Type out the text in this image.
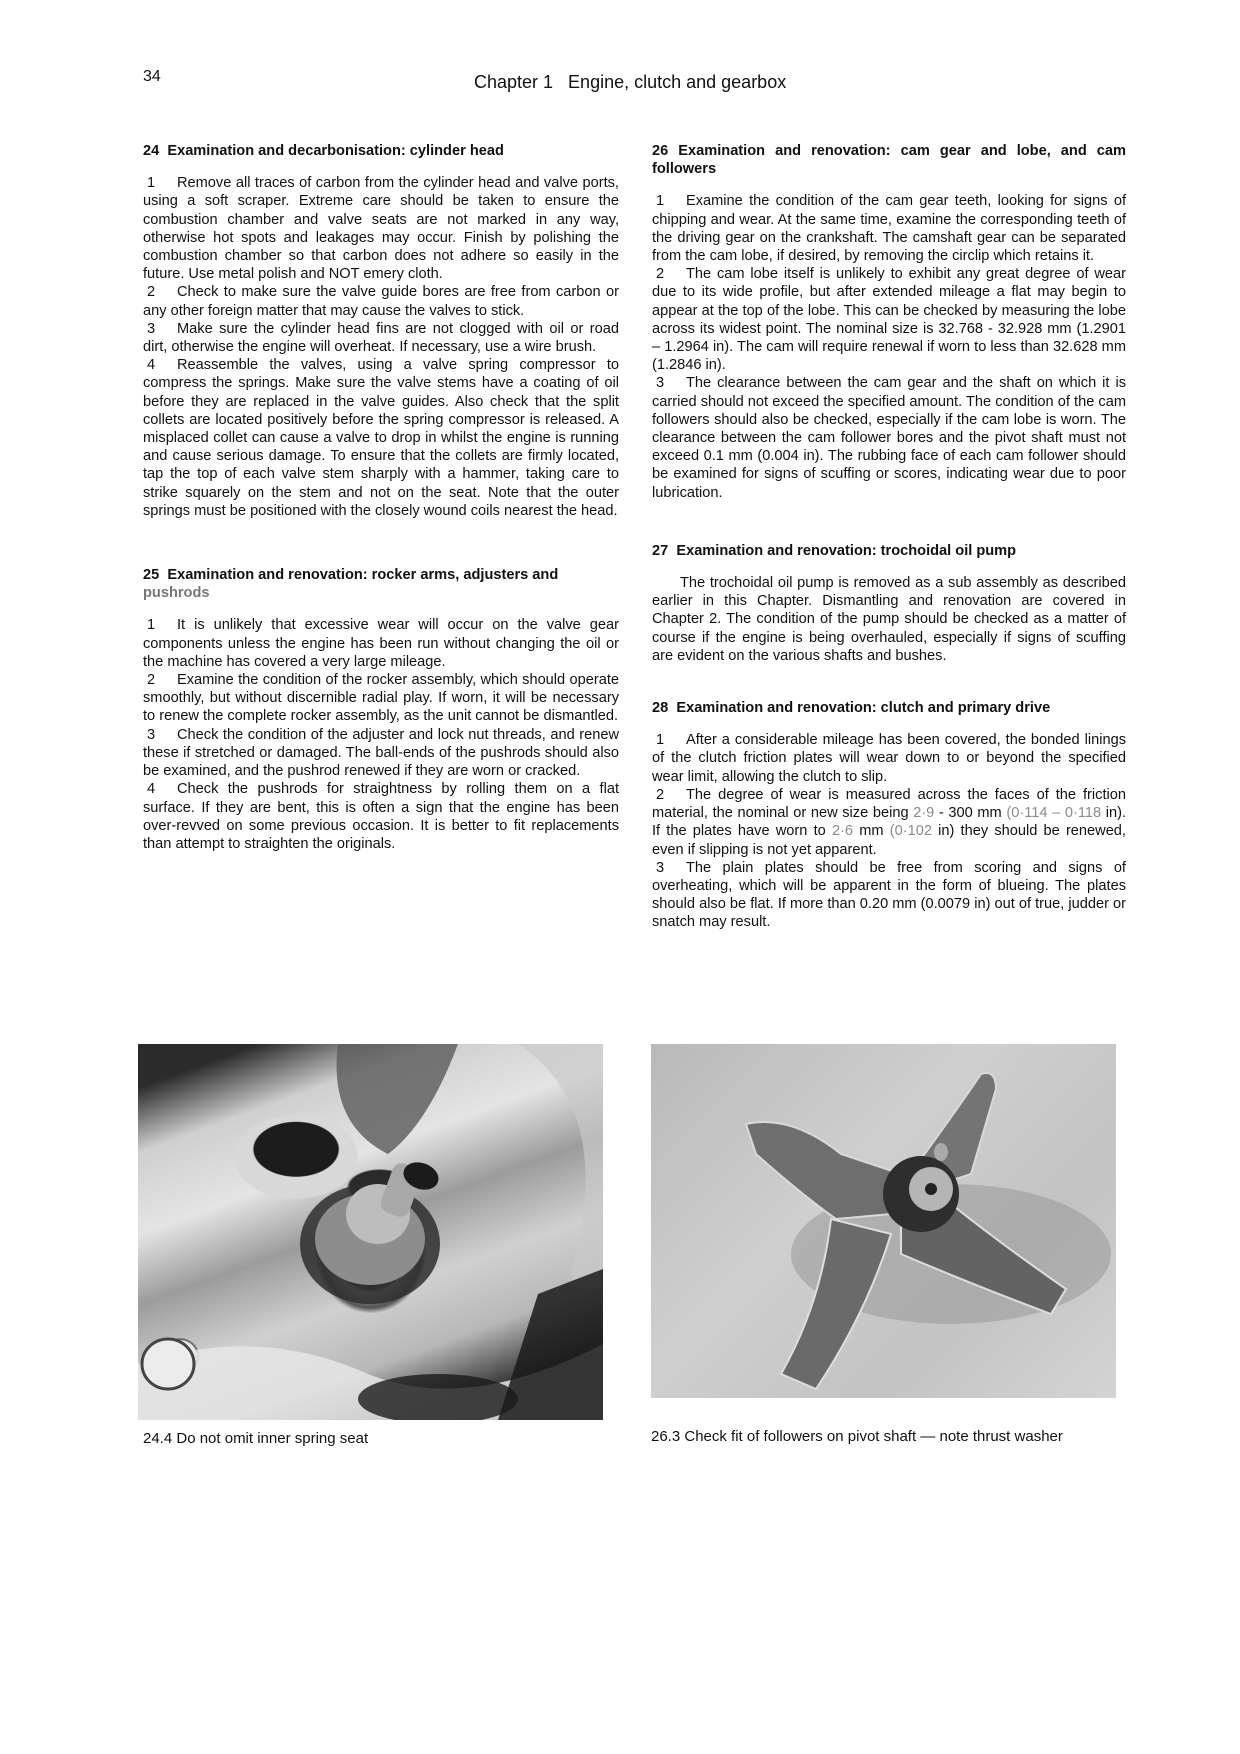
34	Chapter 1   Engine, clutch and gearbox
24  Examination and decarbonisation: cylinder head

1 Remove all traces of carbon from the cylinder head and valve ports, using a soft scraper. Extreme care should be taken to ensure the combustion chamber and valve seats are not marked in any way, otherwise hot spots and leakages may occur. Finish by polishing the combustion chamber so that carbon does not adhere so easily in the future. Use metal polish and NOT emery cloth.

2 Check to make sure the valve guide bores are free from carbon or any other foreign matter that may cause the valves to stick.

3 Make sure the cylinder head fins are not clogged with oil or road dirt, otherwise the engine will overheat. If necessary, use a wire brush.

4 Reassemble the valves, using a valve spring compressor to compress the springs. Make sure the valve stems have a coating of oil before they are replaced in the valve guides. Also check that the split collets are located positively before the spring compressor is released. A misplaced collet can cause a valve to drop in whilst the engine is running and cause serious damage. To ensure that the collets are firmly located, tap the top of each valve stem sharply with a hammer, taking care to strike squarely on the stem and not on the seat. Note that the outer springs must be positioned with the closely wound coils nearest the head.

25  Examination and renovation: rocker arms, adjusters and
pushrods

1 It is unlikely that excessive wear will occur on the valve gear components unless the engine has been run without changing the oil or the machine has covered a very large mileage.

2 Examine the condition of the rocker assembly, which should operate smoothly, but without discernible radial play. If worn, it will be necessary to renew the complete rocker assembly, as the unit cannot be dismantled.

3 Check the condition of the adjuster and lock nut threads, and renew these if stretched or damaged. The ball-ends of the pushrods should also be examined, and the pushrod renewed if they are worn or cracked.

4 Check the pushrods for straightness by rolling them on a flat surface. If they are bent, this is often a sign that the engine has been over-revved on some previous occasion. It is better to fit replacements than attempt to straighten the originals.

26 Examination and renovation: cam gear and lobe, and cam followers

1 Examine the condition of the cam gear teeth, looking for signs of chipping and wear. At the same time, examine the corresponding teeth of the driving gear on the crankshaft. The camshaft gear can be separated from the cam lobe, if desired, by removing the circlip which retains it.

2 The cam lobe itself is unlikely to exhibit any great degree of wear due to its wide profile, but after extended mileage a flat may begin to appear at the top of the lobe. This can be checked by measuring the lobe across its widest point. The nominal size is 32.768 - 32.928 mm (1.2901 – 1.2964 in). The cam will require renewal if worn to less than 32.628 mm (1.2846 in).

3 The clearance between the cam gear and the shaft on which it is carried should not exceed the specified amount. The condition of the cam followers should also be checked, especially if the cam lobe is worn. The clearance between the cam follower bores and the pivot shaft must not exceed 0.1 mm (0.004 in). The rubbing face of each cam follower should be examined for signs of scuffing or scores, indicating wear due to poor lubrication.

27  Examination and renovation: trochoidal oil pump

The trochoidal oil pump is removed as a sub assembly as described earlier in this Chapter. Dismantling and renovation are covered in Chapter 2. The condition of the pump should be checked as a matter of course if the engine is being overhauled, especially if signs of scuffing are evident on the various shafts and bushes.

28  Examination and renovation: clutch and primary drive

1 After a considerable mileage has been covered, the bonded linings of the clutch friction plates will wear down to or beyond the specified wear limit, allowing the clutch to slip.

2 The degree of wear is measured across the faces of the friction material, the nominal or new size being 2·9 - 300 mm (0·114 – 0·118 in). If the plates have worn to 2·6 mm (0·102 in) they should be renewed, even if slipping is not yet apparent.

3 The plain plates should be free from scoring and signs of overheating, which will be apparent in the form of blueing. The plates should also be flat. If more than 0.20 mm (0.0079 in) out of true, judder or snatch may result.

24.4 Do not omit inner spring seat	26.3 Check fit of followers on pivot shaft — note thrust washer
